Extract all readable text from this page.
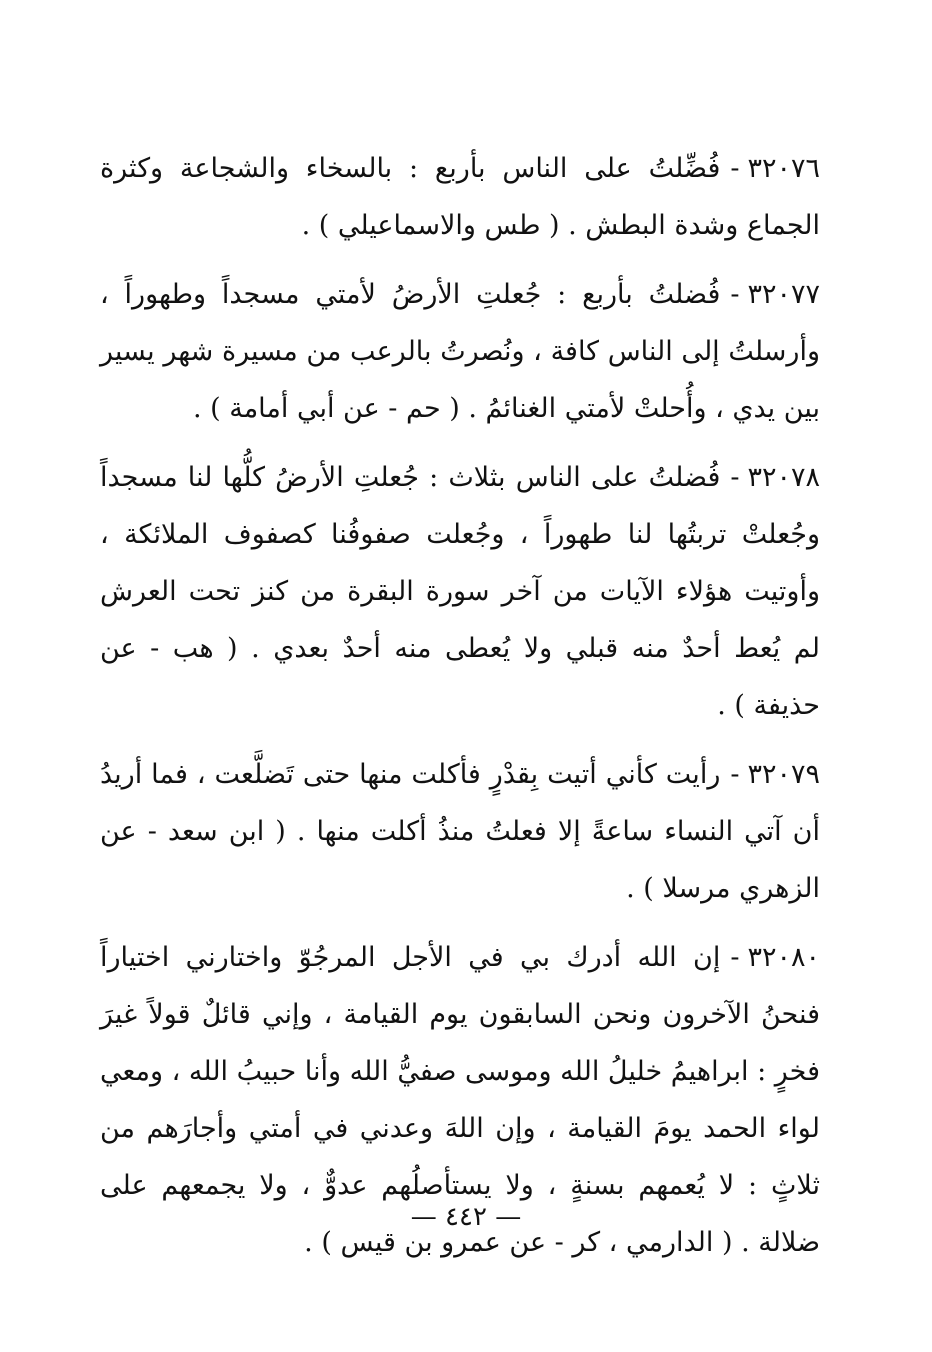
٣٢٠٧٦-فُضِّلتُ على الناس بأربع : بالسخاء والشجاعة وكثرة الجماع وشدة البطش . ( طس والاسماعيلي ) .

٣٢٠٧٧-فُضلتُ بأربع : جُعلتِ الأرضُ لأمتي مسجداً وطهوراً ، وأرسلتُ إلى الناس كافة ، ونُصرتُ بالرعب من مسيرة شهر يسير بين يدي ، وأُحلتْ لأمتي الغنائمُ . ( حم - عن أبي أمامة ) .

٣٢٠٧٨-فُضلتُ على الناس بثلاث : جُعلتِ الأرضُ كلُّها لنا مسجداً وجُعلتْ تربتُها لنا طهوراً ، وجُعلت صفوفُنا كصفوف الملائكة ، وأوتيت هؤلاء الآيات من آخر سورة البقرة من كنز تحت العرش لم يُعط أحدٌ منه قبلي ولا يُعطى منه أحدٌ بعدي . ( هب - عن حذيفة ) .

٣٢٠٧٩-رأيت كأني أتيت بِقدْرٍ فأكلت منها حتى تَضلَّعت ، فما أريدُ أن آتي النساء ساعةً إلا فعلتُ منذُ أكلت منها . ( ابن سعد - عن الزهري مرسلا ) .

٣٢٠٨٠-إن الله أدرك بي في الأجل المرجُوّ واختارني اختياراً فنحنُ الآخرون ونحن السابقون يوم القيامة ، وإني قائلٌ قولاً غيرَ فخرٍ : ابراهيمُ خليلُ الله وموسى صفيُّ الله وأنا حبيبُ الله ، ومعي لواء الحمد يومَ القيامة ، وإن اللهَ وعدني في أمتي وأجارَهم من ثلاثٍ : لا يُعمهم بسنةٍ ، ولا يستأصلُهم عدوٌّ ، ولا يجمعهم على ضلالة . ( الدارمي ، كر - عن عمرو بن قيس ) .

— ٤٤٢ —
